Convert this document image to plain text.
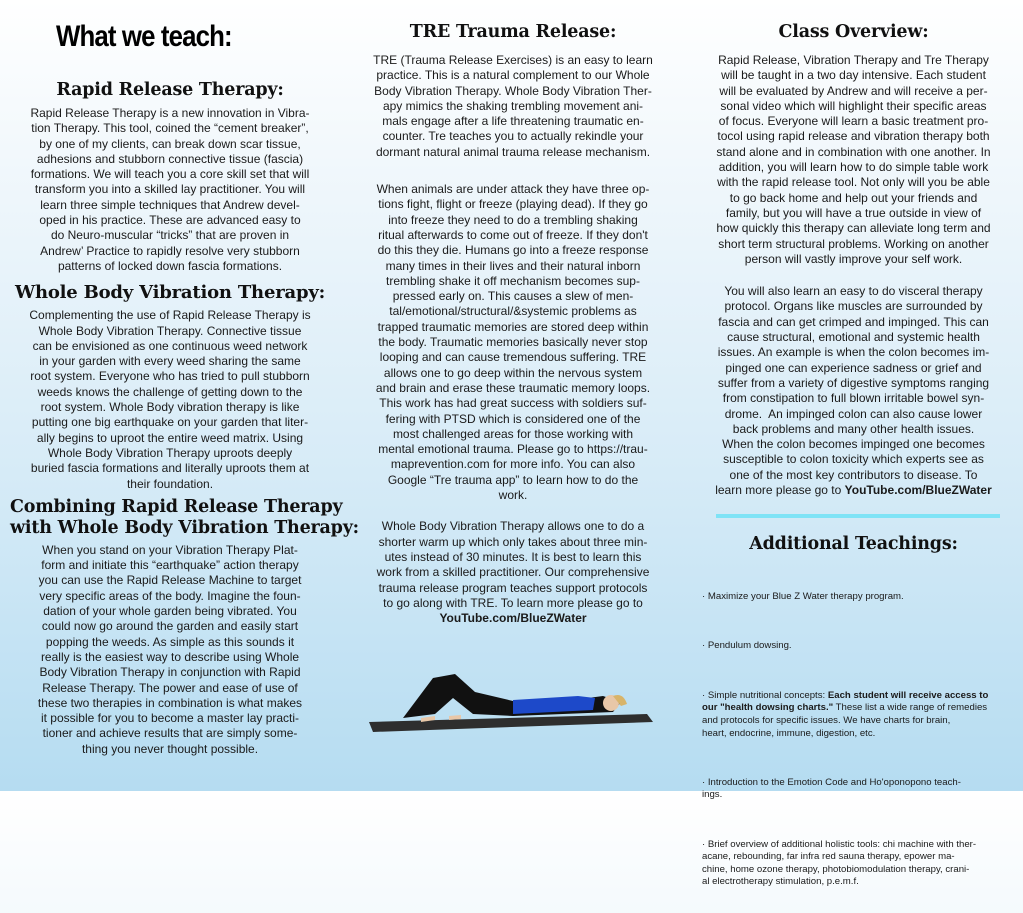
What we teach:
Rapid Release Therapy:

Rapid Release Therapy is a new innovation in Vibra-
tion Therapy. This tool, coined the “cement breaker”,
by one of my clients, can break down scar tissue,
adhesions and stubborn connective tissue (fascia)
formations. We will teach you a core skill set that will
transform you into a skilled lay practitioner. You will
learn three simple techniques that Andrew devel-
oped in his practice. These are advanced easy to
do Neuro-muscular “tricks” that are proven in
Andrew’ Practice to rapidly resolve very stubborn
patterns of locked down fascia formations.

Whole Body Vibration Therapy:

Complementing the use of Rapid Release Therapy is
Whole Body Vibration Therapy. Connective tissue
can be envisioned as one continuous weed network
in your garden with every weed sharing the same
root system. Everyone who has tried to pull stubborn
weeds knows the challenge of getting down to the
root system. Whole Body vibration therapy is like
putting one big earthquake on your garden that liter-
ally begins to uproot the entire weed matrix. Using
Whole Body Vibration Therapy uproots deeply
buried fascia formations and literally uproots them at
their foundation.

Combining Rapid Release Therapy
with Whole Body Vibration Therapy:

When you stand on your Vibration Therapy Plat-
form and initiate this “earthquake” action therapy
you can use the Rapid Release Machine to target
very specific areas of the body. Imagine the foun-
dation of your whole garden being vibrated. You
could now go around the garden and easily start
popping the weeds. As simple as this sounds it
really is the easiest way to describe using Whole
Body Vibration Therapy in conjunction with Rapid
Release Therapy. The power and ease of use of
these two therapies in combination is what makes
it possible for you to become a master lay practi-
tioner and achieve results that are simply some-
thing you never thought possible.

TRE Trauma Release:

TRE (Trauma Release Exercises) is an easy to learn
practice. This is a natural complement to our Whole
Body Vibration Therapy. Whole Body Vibration Ther-
apy mimics the shaking trembling movement ani-
mals engage after a life threatening traumatic en-
counter. Tre teaches you to actually rekindle your
dormant natural animal trauma release mechanism.

When animals are under attack they have three op-
tions fight, flight or freeze (playing dead). If they go
into freeze they need to do a trembling shaking
ritual afterwards to come out of freeze. If they don't
do this they die. Humans go into a freeze response
many times in their lives and their natural inborn
trembling shake it off mechanism becomes sup-
pressed early on. This causes a slew of men-
tal/emotional/structural/&systemic problems as
trapped traumatic memories are stored deep within
the body. Traumatic memories basically never stop
looping and can cause tremendous suffering. TRE
allows one to go deep within the nervous system
and brain and erase these traumatic memory loops.
This work has had great success with soldiers suf-
fering with PTSD which is considered one of the
most challenged areas for those working with
mental emotional trauma. Please go to https://trau-
maprevention.com for more info. You can also
Google “Tre trauma app” to learn how to do the
work.

Whole Body Vibration Therapy allows one to do a
shorter warm up which only takes about three min-
utes instead of 30 minutes. It is best to learn this
work from a skilled practitioner. Our comprehensive
trauma release program teaches support protocols
to go along with TRE. To learn more please go to
YouTube.com/BlueZWater

Class Overview:

Rapid Release, Vibration Therapy and Tre Therapy
will be taught in a two day intensive. Each student
will be evaluated by Andrew and will receive a per-
sonal video which will highlight their specific areas
of focus. Everyone will learn a basic treatment pro-
tocol using rapid release and vibration therapy both
stand alone and in combination with one another. In
addition, you will learn how to do simple table work
with the rapid release tool. Not only will you be able
to go back home and help out your friends and
family, but you will have a true outside in view of
how quickly this therapy can alleviate long term and
short term structural problems. Working on another
person will vastly improve your self work.

You will also learn an easy to do visceral therapy
protocol. Organs like muscles are surrounded by
fascia and can get crimped and impinged. This can
cause structural, emotional and systemic health
issues. An example is when the colon becomes im-
pinged one can experience sadness or grief and
suffer from a variety of digestive symptoms ranging
from constipation to full blown irritable bowel syn-
drome.  An impinged colon can also cause lower
back problems and many other health issues.
When the colon becomes impinged one becomes
susceptible to colon toxicity which experts see as
one of the most key contributors to disease. To
learn more please go to YouTube.com/BlueZWater

Additional Teachings:

· Maximize your Blue Z Water therapy program.

· Pendulum dowsing.

· Simple nutritional concepts: Each student will receive access to
our "health dowsing charts." These list a wide range of remedies
and protocols for specific issues. We have charts for brain,
heart, endocrine, immune, digestion, etc.

· Introduction to the Emotion Code and Ho'oponopono teach-
ings.

· Brief overview of additional holistic tools: chi machine with ther-
acane, rebounding, far infra red sauna therapy, epower ma-
chine, home ozone therapy, photobiomodulation therapy, crani-
al electrotherapy stimulation, p.e.m.f.
